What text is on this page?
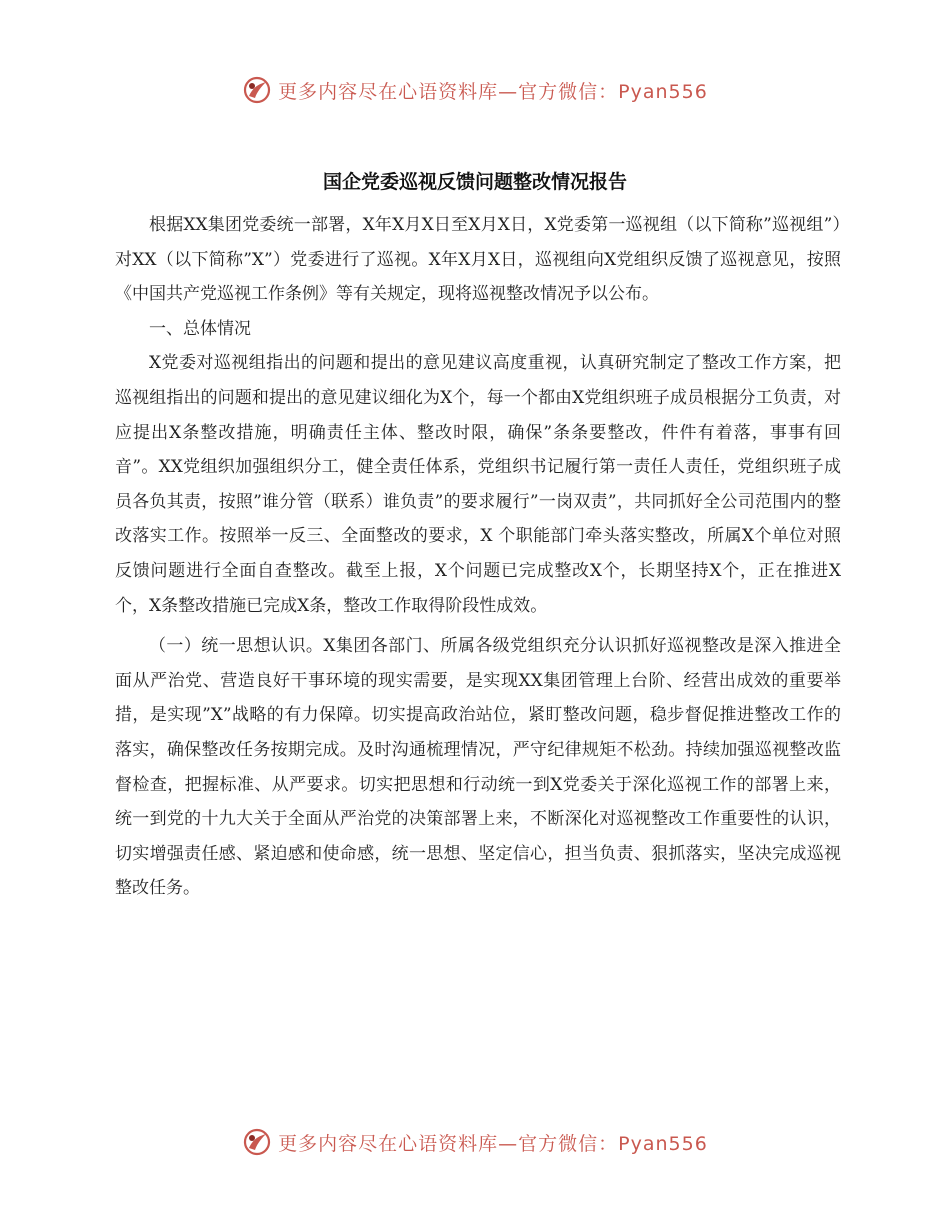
更多内容尽在心语资料库—官方微信：Pyan556
国企党委巡视反馈问题整改情况报告

根据XX集团党委统一部署，X年X月X日至X月X日，X党委第一巡视组（以下简称”巡视组”）对XX（以下简称”X”）党委进行了巡视。X年X月X日，巡视组向X党组织反馈了巡视意见，按照《中国共产党巡视工作条例》等有关规定，现将巡视整改情况予以公布。

一、总体情况

X党委对巡视组指出的问题和提出的意见建议高度重视，认真研究制定了整改工作方案，把巡视组指出的问题和提出的意见建议细化为X个，每一个都由X党组织班子成员根据分工负责，对应提出X条整改措施，明确责任主体、整改时限，确保”条条要整改，件件有着落，事事有回音”。XX党组织加强组织分工，健全责任体系，党组织书记履行第一责任人责任，党组织班子成员各负其责，按照”谁分管（联系）谁负责”的要求履行”一岗双责”，共同抓好全公司范围内的整改落实工作。按照举一反三、全面整改的要求，X 个职能部门牵头落实整改，所属X个单位对照反馈问题进行全面自查整改。截至上报，X个问题已完成整改X个，长期坚持X个，正在推进X个，X条整改措施已完成X条，整改工作取得阶段性成效。

（一）统一思想认识。X集团各部门、所属各级党组织充分认识抓好巡视整改是深入推进全面从严治党、营造良好干事环境的现实需要，是实现XX集团管理上台阶、经营出成效的重要举措，是实现”X”战略的有力保障。切实提高政治站位，紧盯整改问题，稳步督促推进整改工作的落实，确保整改任务按期完成。及时沟通梳理情况，严守纪律规矩不松劲。持续加强巡视整改监督检查，把握标准、从严要求。切实把思想和行动统一到X党委关于深化巡视工作的部署上来，统一到党的十九大关于全面从严治党的决策部署上来，不断深化对巡视整改工作重要性的认识，切实增强责任感、紧迫感和使命感，统一思想、坚定信心，担当负责、狠抓落实，坚决完成巡视整改任务。

更多内容尽在心语资料库—官方微信：Pyan556
